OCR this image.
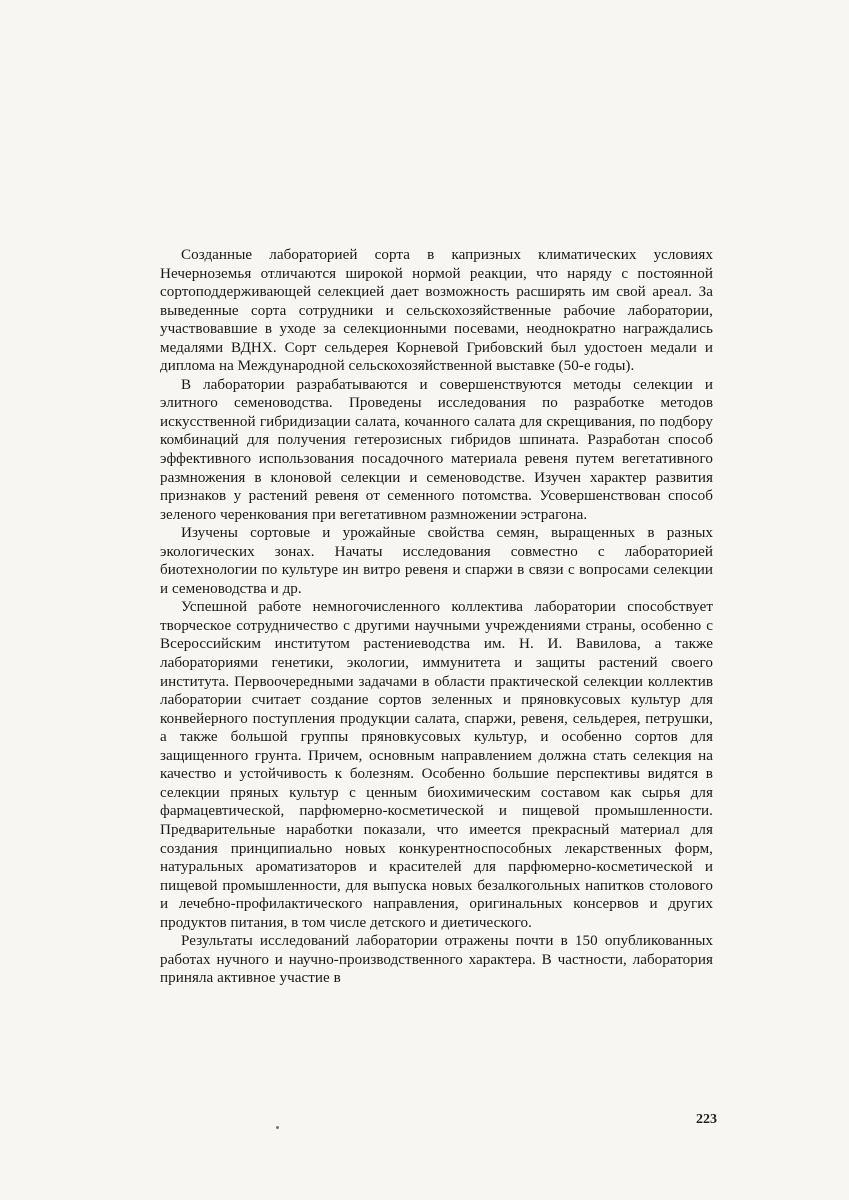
Созданные лабораторией сорта в капризных климатических условиях Нечерноземья отличаются широкой нормой реакции, что наряду с постоянной сортоподдерживающей селекцией дает возможность расширять им свой ареал. За выведенные сорта сотрудники и сельскохозяйственные рабочие лаборатории, участвовавшие в уходе за селекционными посевами, неоднократно награждались медалями ВДНХ. Сорт сельдерея Корневой Грибовский был удостоен медали и диплома на Международной сельскохозяйственной выставке (50-е годы).

В лаборатории разрабатываются и совершенствуются методы селекции и элитного семеноводства. Проведены исследования по разработке методов искусственной гибридизации салата, кочанного салата для скрещивания, по подбору комбинаций для получения гетерозисных гибридов шпината. Разработан способ эффективного использования посадочного материала ревеня путем вегетативного размножения в клоновой селекции и семеноводстве. Изучен характер развития признаков у растений ревеня от семенного потомства. Усовершенствован способ зеленого черенкования при вегетативном размножении эстрагона.

Изучены сортовые и урожайные свойства семян, выращенных в разных экологических зонах. Начаты исследования совместно с лабораторией биотехнологии по культуре ин витро ревеня и спаржи в связи с вопросами селекции и семеноводства и др.

Успешной работе немногочисленного коллектива лаборатории способствует творческое сотрудничество с другими научными учреждениями страны, особенно с Всероссийским институтом растениеводства им. Н. И. Вавилова, а также лабораториями генетики, экологии, иммунитета и защиты растений своего института. Первоочередными задачами в области практической селекции коллектив лаборатории считает создание сортов зеленных и пряновкусовых культур для конвейерного поступления продукции салата, спаржи, ревеня, сельдерея, петрушки, а также большой группы пряновкусовых культур, и особенно сортов для защищенного грунта. Причем, основным направлением должна стать селекция на качество и устойчивость к болезням. Особенно большие перспективы видятся в селекции пряных культур с ценным биохимическим составом как сырья для фармацевтической, парфюмерно-косметической и пищевой промышленности. Предварительные наработки показали, что имеется прекрасный материал для создания принципиально новых конкурентноспособных лекарственных форм, натуральных ароматизаторов и красителей для парфюмерно-косметической и пищевой промышленности, для выпуска новых безалкогольных напитков столового и лечебно-профилактического направления, оригинальных консервов и других продуктов питания, в том числе детского и диетического.

Результаты исследований лаборатории отражены почти в 150 опубликованных работах нучного и научно-производственного характера. В частности, лаборатория приняла активное участие в

223
